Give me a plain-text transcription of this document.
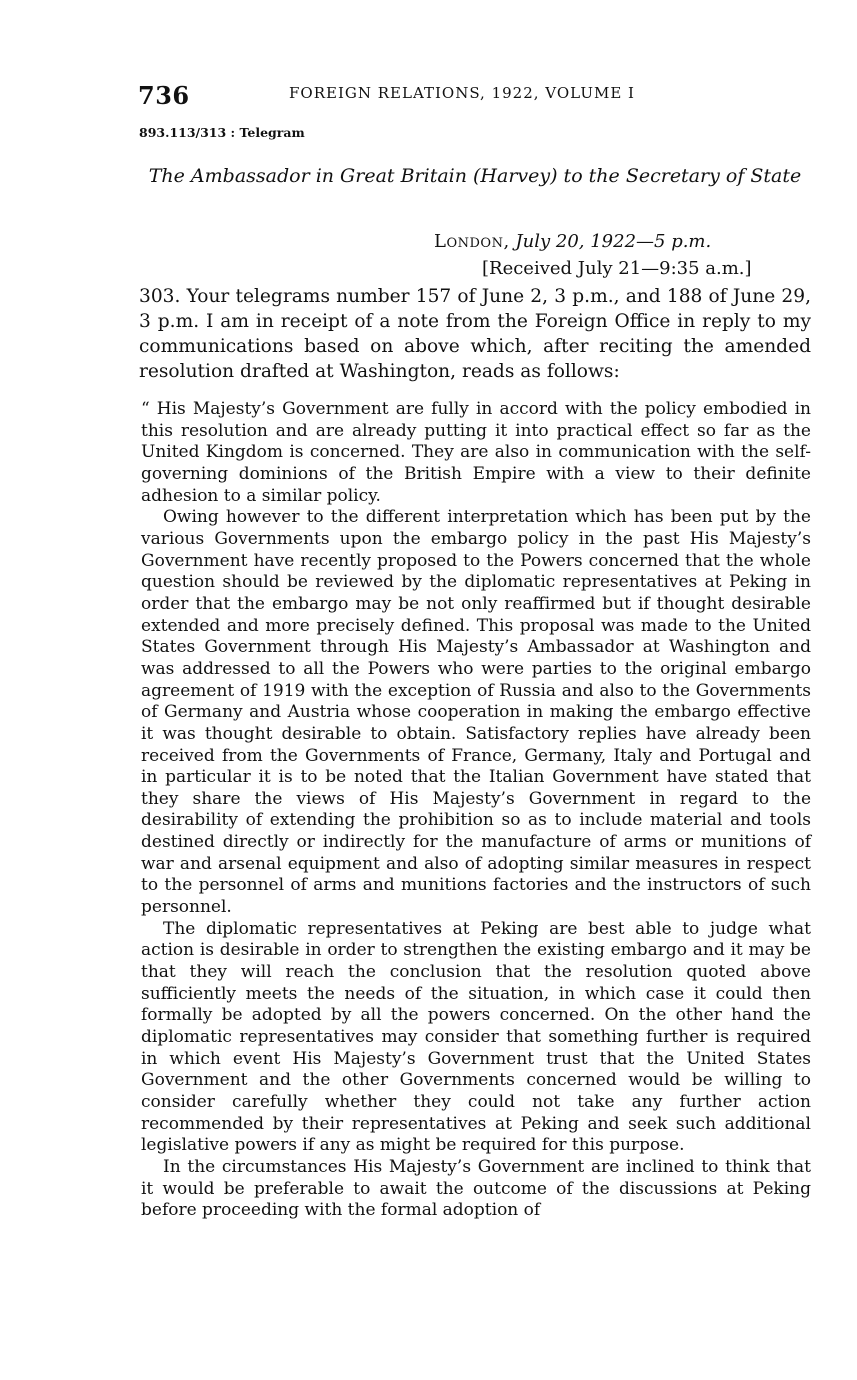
736	FOREIGN RELATIONS, 1922, VOLUME I
893.113/313 : Telegram
The Ambassador in Great Britain (Harvey) to the Secretary of State
London, July 20, 1922—5 p.m.
[Received July 21—9:35 a.m.]

303. Your telegrams number 157 of June 2, 3 p.m., and 188 of June 29, 3 p.m. I am in receipt of a note from the Foreign Office in reply to my communications based on above which, after reciting the amended resolution drafted at Washington, reads as follows:

“ His Majesty’s Government are fully in accord with the policy embodied in this resolution and are already putting it into practical effect so far as the United Kingdom is concerned. They are also in communication with the self-governing dominions of the British Empire with a view to their definite adhesion to a similar policy.

Owing however to the different interpretation which has been put by the various Governments upon the embargo policy in the past His Majesty’s Government have recently proposed to the Powers concerned that the whole question should be reviewed by the diplomatic representatives at Peking in order that the embargo may be not only reaffirmed but if thought desirable extended and more precisely defined. This proposal was made to the United States Government through His Majesty’s Ambassador at Washington and was addressed to all the Powers who were parties to the original embargo agreement of 1919 with the exception of Russia and also to the Governments of Germany and Austria whose cooperation in making the embargo effective it was thought desirable to obtain. Satisfactory replies have already been received from the Governments of France, Germany, Italy and Portugal and in particular it is to be noted that the Italian Government have stated that they share the views of His Majesty’s Government in regard to the desirability of extending the prohibition so as to include material and tools destined directly or indirectly for the manufacture of arms or munitions of war and arsenal equipment and also of adopting similar measures in respect to the personnel of arms and munitions factories and the instructors of such personnel.

The diplomatic representatives at Peking are best able to judge what action is desirable in order to strengthen the existing embargo and it may be that they will reach the conclusion that the resolution quoted above sufficiently meets the needs of the situation, in which case it could then formally be adopted by all the powers concerned. On the other hand the diplomatic representatives may consider that something further is required in which event His Majesty’s Government trust that the United States Government and the other Governments concerned would be willing to consider carefully whether they could not take any further action recommended by their representatives at Peking and seek such additional legislative powers if any as might be required for this purpose.

In the circumstances His Majesty’s Government are inclined to think that it would be preferable to await the outcome of the discussions at Peking before proceeding with the formal adoption of
